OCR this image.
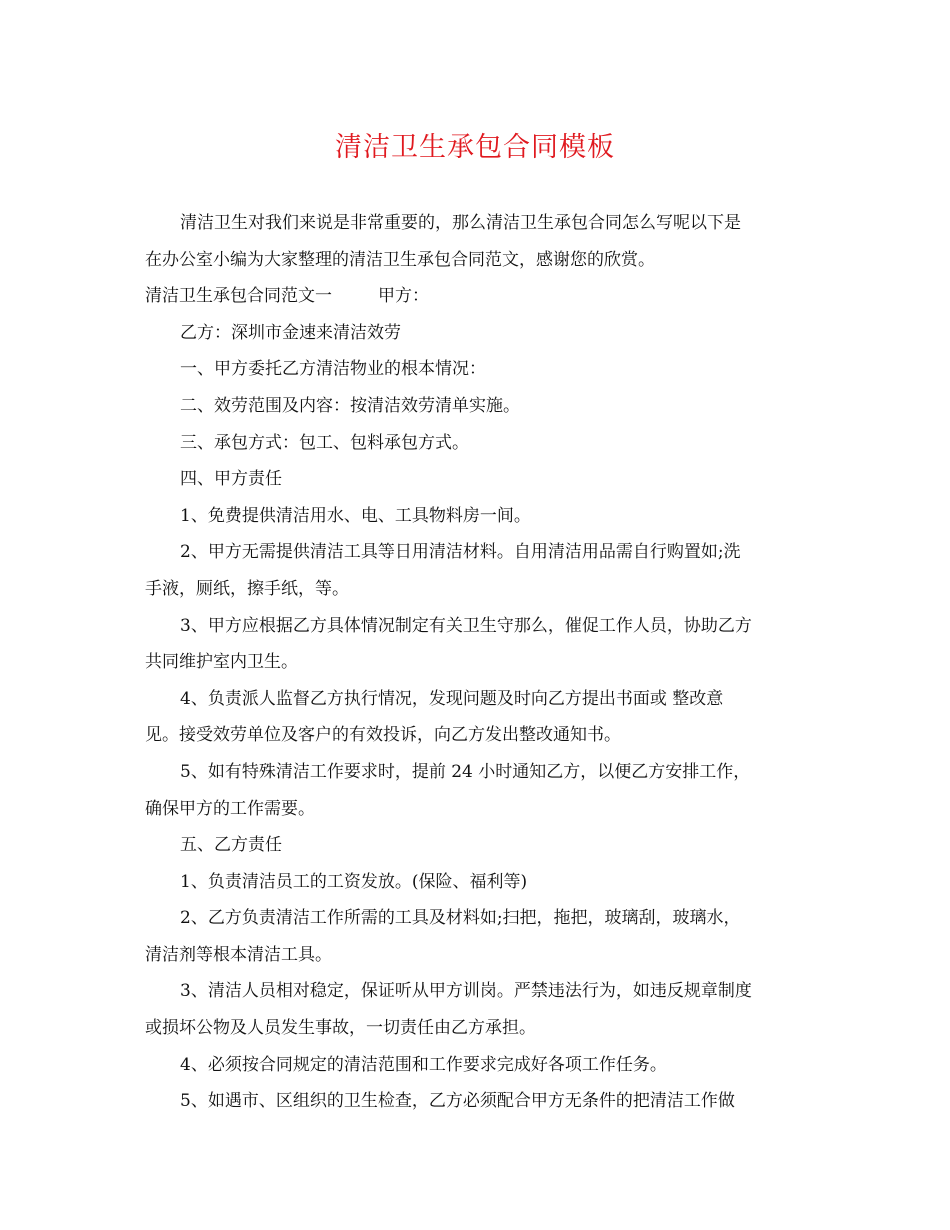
清洁卫生承包合同模板
清洁卫生对我们来说是非常重要的，那么清洁卫生承包合同怎么写呢以下是
在办公室小编为大家整理的清洁卫生承包合同范文，感谢您的欣赏。
清洁卫生承包合同范文一	甲方：
乙方：深圳市金速来清洁效劳
一、甲方委托乙方清洁物业的根本情况：
二、效劳范围及内容：按清洁效劳清单实施。
三、承包方式：包工、包料承包方式。
四、甲方责任
1、免费提供清洁用水、电、工具物料房一间。
2、甲方无需提供清洁工具等日用清洁材料。自用清洁用品需自行购置如;洗
手液，厕纸，擦手纸，等。
3、甲方应根据乙方具体情况制定有关卫生守那么，催促工作人员，协助乙方
共同维护室内卫生。
4、负责派人监督乙方执行情况，发现问题及时向乙方提出书面或 整改意
见。接受效劳单位及客户的有效投诉，向乙方发出整改通知书。
5、如有特殊清洁工作要求时，提前 24 小时通知乙方，以便乙方安排工作，
确保甲方的工作需要。
五、乙方责任
1、负责清洁员工的工资发放。(保险、福利等)
2、乙方负责清洁工作所需的工具及材料如;扫把，拖把，玻璃刮，玻璃水，
清洁剂等根本清洁工具。
3、清洁人员相对稳定，保证听从甲方训岗。严禁违法行为，如违反规章制度
或损坏公物及人员发生事故，一切责任由乙方承担。
4、必须按合同规定的清洁范围和工作要求完成好各项工作任务。
5、如遇市、区组织的卫生检查，乙方必须配合甲方无条件的把清洁工作做
